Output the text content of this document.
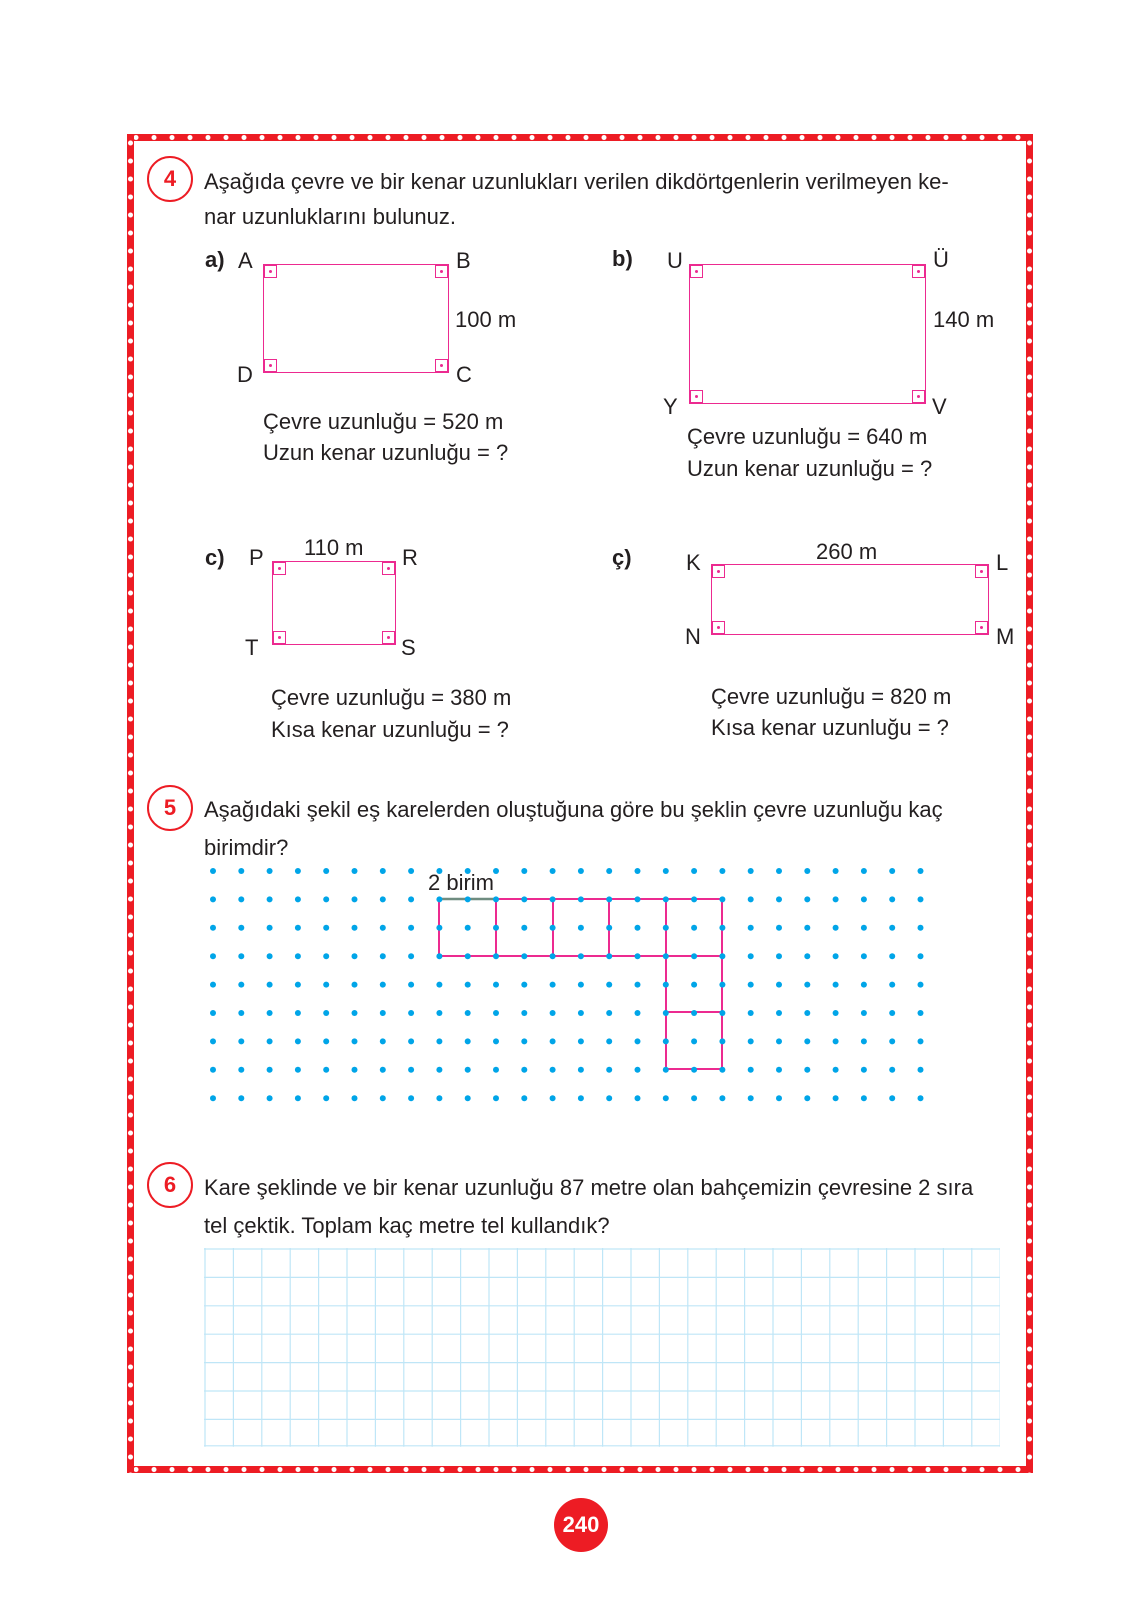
4	Aşağıda çevre ve bir kenar uzunlukları verilen dikdörtgenlerin verilmeyen ke-
nar uzunluklarını bulunuz.
a) A	B
100 m
C
D
Çevre uzunluğu = 520 m
Uzun kenar uzunluğu = ?
b) U	Ü
140 m
V
Y
Çevre uzunluğu = 640 m
Uzun kenar uzunluğu = ?
c) P 110 m R
S
T
Çevre uzunluğu = 380 m
Kısa kenar uzunluğu = ?
ç) K	260 m	L
M
N
Çevre uzunluğu = 820 m
Kısa kenar uzunluğu = ?
5	Aşağıdaki şekil eş karelerden oluştuğuna göre bu şeklin çevre uzunluğu kaç
birimdir?
2 birim
6	Kare şeklinde ve bir kenar uzunluğu 87 metre olan bahçemizin çevresine 2 sıra
tel çektik. Toplam kaç metre tel kullandık?
240
